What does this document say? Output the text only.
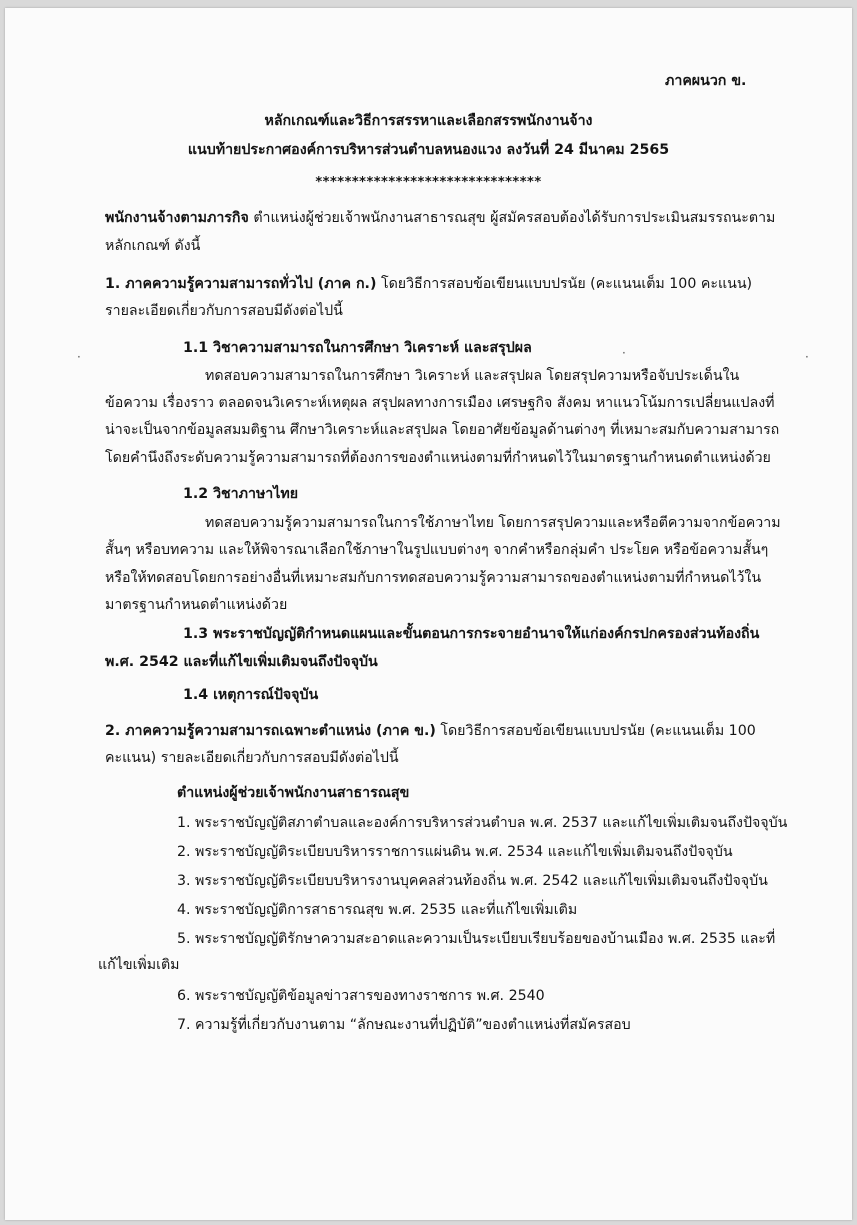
·	·	·
ภาคผนวก ข.
หลักเกณฑ์และวิธีการสรรหาและเลือกสรรพนักงานจ้าง
แนบท้ายประกาศองค์การบริหารส่วนตำบลหนองแวง ลงวันที่ 24 มีนาคม 2565
*******************************
พนักงานจ้างตามภารกิจ ตำแหน่งผู้ช่วยเจ้าพนักงานสาธารณสุข ผู้สมัครสอบต้องได้รับการประเมินสมรรถนะตาม
หลักเกณฑ์ ดังนี้
1. ภาคความรู้ความสามารถทั่วไป (ภาค ก.) โดยวิธีการสอบข้อเขียนแบบปรนัย (คะแนนเต็ม 100 คะแนน)
รายละเอียดเกี่ยวกับการสอบมีดังต่อไปนี้
1.1 วิชาความสามารถในการศึกษา วิเคราะห์ และสรุปผล
ทดสอบความสามารถในการศึกษา วิเคราะห์ และสรุปผล โดยสรุปความหรือจับประเด็นใน
ข้อความ เรื่องราว ตลอดจนวิเคราะห์เหตุผล สรุปผลทางการเมือง เศรษฐกิจ สังคม หาแนวโน้มการเปลี่ยนแปลงที่
น่าจะเป็นจากข้อมูลสมมติฐาน ศึกษาวิเคราะห์และสรุปผล โดยอาศัยข้อมูลด้านต่างๆ ที่เหมาะสมกับความสามารถ
โดยคำนึงถึงระดับความรู้ความสามารถที่ต้องการของตำแหน่งตามที่กำหนดไว้ในมาตรฐานกำหนดตำแหน่งด้วย
1.2 วิชาภาษาไทย
ทดสอบความรู้ความสามารถในการใช้ภาษาไทย โดยการสรุปความและหรือตีความจากข้อความ
สั้นๆ หรือบทความ และให้พิจารณาเลือกใช้ภาษาในรูปแบบต่างๆ จากคำหรือกลุ่มคำ ประโยค หรือข้อความสั้นๆ
หรือให้ทดสอบโดยการอย่างอื่นที่เหมาะสมกับการทดสอบความรู้ความสามารถของตำแหน่งตามที่กำหนดไว้ใน
มาตรฐานกำหนดตำแหน่งด้วย
1.3 พระราชบัญญัติกำหนดแผนและขั้นตอนการกระจายอำนาจให้แก่องค์กรปกครองส่วนท้องถิ่น
พ.ศ. 2542 และที่แก้ไขเพิ่มเติมจนถึงปัจจุบัน
1.4 เหตุการณ์ปัจจุบัน
2. ภาคความรู้ความสามารถเฉพาะตำแหน่ง (ภาค ข.) โดยวิธีการสอบข้อเขียนแบบปรนัย (คะแนนเต็ม 100
คะแนน) รายละเอียดเกี่ยวกับการสอบมีดังต่อไปนี้
ตำแหน่งผู้ช่วยเจ้าพนักงานสาธารณสุข
1. พระราชบัญญัติสภาตำบลและองค์การบริหารส่วนตำบล พ.ศ. 2537 และแก้ไขเพิ่มเติมจนถึงปัจจุบัน
2. พระราชบัญญัติระเบียบบริหารราชการแผ่นดิน พ.ศ. 2534 และแก้ไขเพิ่มเติมจนถึงปัจจุบัน
3. พระราชบัญญัติระเบียบบริหารงานบุคคลส่วนท้องถิ่น พ.ศ. 2542 และแก้ไขเพิ่มเติมจนถึงปัจจุบัน
4. พระราชบัญญัติการสาธารณสุข พ.ศ. 2535 และที่แก้ไขเพิ่มเติม
5. พระราชบัญญัติรักษาความสะอาดและความเป็นระเบียบเรียบร้อยของบ้านเมือง พ.ศ. 2535 และที่
แก้ไขเพิ่มเติม
6. พระราชบัญญัติข้อมูลข่าวสารของทางราชการ พ.ศ. 2540
7. ความรู้ที่เกี่ยวกับงานตาม “ลักษณะงานที่ปฏิบัติ”ของตำแหน่งที่สมัครสอบ
